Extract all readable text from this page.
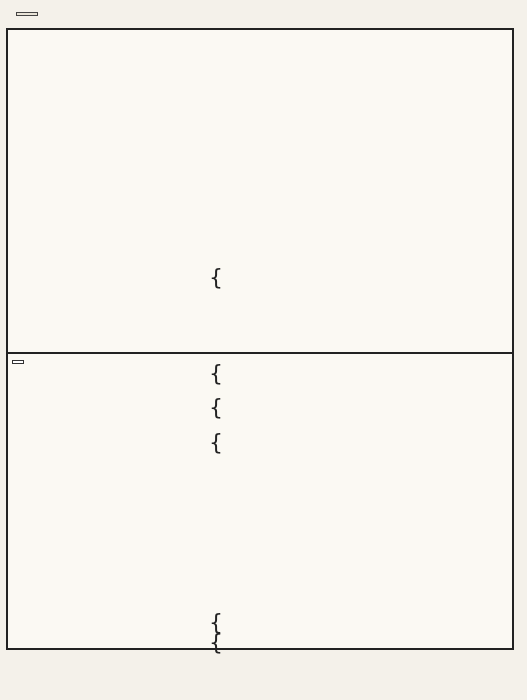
{
{
{
{
{
{
